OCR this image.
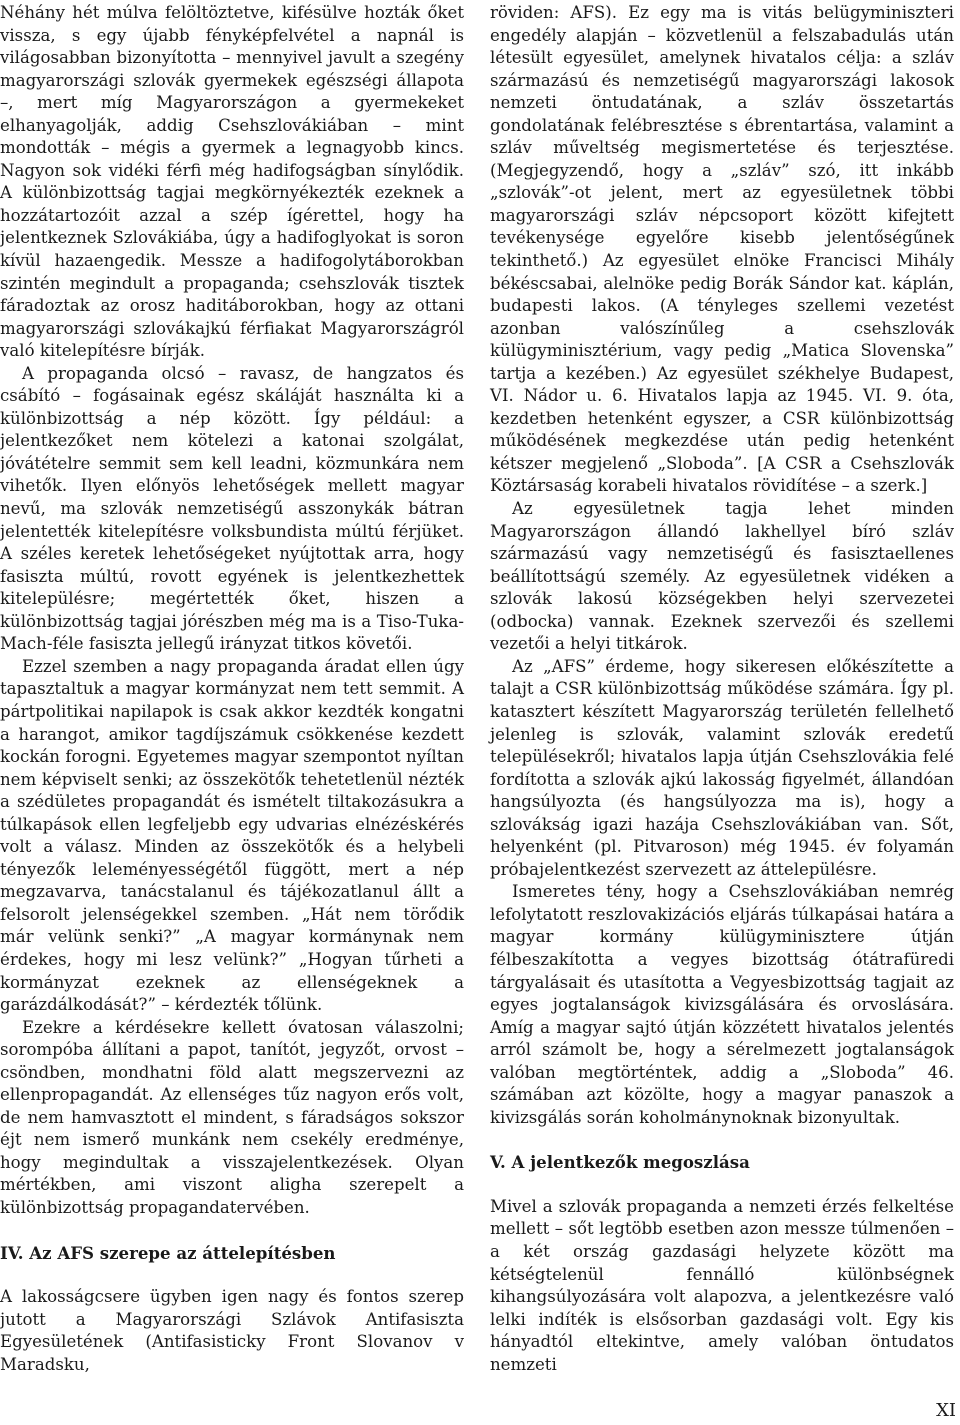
Néhány hét múlva felöltöztetve, kifésülve hozták őket vissza, s egy újabb fényképfelvétel a napnál is világosabban bizonyította – mennyivel javult a szegény magyarországi szlovák gyermekek egészségi állapota –, mert míg Magyarországon a gyermekeket elhanyagolják, addig Csehszlovákiában – mint mondották – mégis a gyermek a legnagyobb kincs. Nagyon sok vidéki férfi még hadifogságban sínylődik. A különbizottság tagjai megkörnyékezték ezeknek a hozzátartozóit azzal a szép ígérettel, hogy ha jelentkeznek Szlovákiába, úgy a hadifoglyokat is soron kívül hazaengedik. Messze a hadifogolytáborokban szintén megindult a propaganda; csehszlovák tisztek fáradoztak az orosz haditáborokban, hogy az ottani magyarországi szlovákajkú férfiakat Magyarországról való kitelepítésre bírják.

A propaganda olcsó – ravasz, de hangzatos és csábító – fogásainak egész skáláját használta ki a különbizottság a nép között. Így például: a jelentkezőket nem kötelezi a katonai szolgálat, jóvátételre semmit sem kell leadni, közmunkára nem vihetők. Ilyen előnyös lehetőségek mellett magyar nevű, ma szlovák nemzetiségű asszonykák bátran jelentették kitelepítésre volksbundista múltú férjüket. A széles keretek lehetőségeket nyújtottak arra, hogy fasiszta múltú, rovott egyének is jelentkezhettek kitelepülésre; megértették őket, hiszen a különbizottság tagjai jórészben még ma is a Tiso-Tuka-Mach-féle fasiszta jellegű irányzat titkos követői.

Ezzel szemben a nagy propaganda áradat ellen úgy tapasztaltuk a magyar kormányzat nem tett semmit. A pártpolitikai napilapok is csak akkor kezdték kongatni a harangot, amikor tagdíjszámuk csökkenése kezdett kockán forogni. Egyetemes magyar szempontot nyíltan nem képviselt senki; az összekötők tehetetlenül nézték a szédületes propagandát és ismételt tiltakozásukra a túlkapások ellen legfeljebb egy udvarias elnézéskérés volt a válasz. Minden az összekötők és a helybeli tényezők leleményességétől függött, mert a nép megzavarva, tanácstalanul és tájékozatlanul állt a felsorolt jelenségekkel szemben. „Hát nem törődik már velünk senki?” „A magyar kormánynak nem érdekes, hogy mi lesz velünk?” „Hogyan tűrheti a kormányzat ezeknek az ellenségeknek a garázdálkodását?” – kérdezték tőlünk.

Ezekre a kérdésekre kellett óvatosan válaszolni; sorompóba állítani a papot, tanítót, jegyzőt, orvost – csöndben, mondhatni föld alatt megszervezni az ellenpropagandát. Az ellenséges tűz nagyon erős volt, de nem hamvasztott el mindent, s fáradságos sokszor éjt nem ismerő munkánk nem csekély eredménye, hogy megindultak a visszajelentkezések. Olyan mértékben, ami viszont aligha szerepelt a különbizottság propagandatervében.

IV. Az AFS szerepe az áttelepítésben

A lakosságcsere ügyben igen nagy és fontos szerep jutott a Magyarországi Szlávok Antifasiszta Egyesületének (Antifasisticky Front Slovanov v Maradsku,

röviden: AFS). Ez egy ma is vitás belügyminiszteri engedély alapján – közvetlenül a felszabadulás után létesült egyesület, amelynek hivatalos célja: a szláv származású és nemzetiségű magyarországi lakosok nemzeti öntudatának, a szláv összetartás gondolatának felébresztése s ébrentartása, valamint a szláv műveltség megismertetése és terjesztése. (Megjegyzendő, hogy a „szláv” szó, itt inkább „szlovák”-ot jelent, mert az egyesületnek többi magyarországi szláv népcsoport között kifejtett tevékenysége egyelőre kisebb jelentőségűnek tekinthető.) Az egyesület elnöke Francisci Mihály békéscsabai, alelnöke pedig Borák Sándor kat. káplán, budapesti lakos. (A tényleges szellemi vezetést azonban valószínűleg a csehszlovák külügyminisztérium, vagy pedig „Matica Slovenska” tartja a kezében.) Az egyesület székhelye Budapest, VI. Nádor u. 6. Hivatalos lapja az 1945. VI. 9. óta, kezdetben hetenként egyszer, a CSR különbizottság működésének megkezdése után pedig hetenként kétszer megjelenő „Sloboda”. [A CSR a Csehszlovák Köztársaság korabeli hivatalos rövidítése – a szerk.]

Az egyesületnek tagja lehet minden Magyarországon állandó lakhellyel bíró szláv származású vagy nemzetiségű és fasisztaellenes beállítottságú személy. Az egyesületnek vidéken a szlovák lakosú községekben helyi szervezetei (odbocka) vannak. Ezeknek szervezői és szellemi vezetői a helyi titkárok.

Az „AFS” érdeme, hogy sikeresen előkészítette a talajt a CSR különbizottság működése számára. Így pl. katasztert készített Magyarország területén fellelhető jelenleg is szlovák, valamint szlovák eredetű településekről; hivatalos lapja útján Csehszlovákia felé fordította a szlovák ajkú lakosság figyelmét, állandóan hangsúlyozta (és hangsúlyozza ma is), hogy a szlovákság igazi hazája Csehszlovákiában van. Sőt, helyenként (pl. Pitvaroson) még 1945. év folyamán próbajelentkezést szervezett az áttelepülésre.

Ismeretes tény, hogy a Csehszlovákiában nemrég lefolytatott reszlovakizációs eljárás túlkapásai határa a magyar kormány külügyminisztere útján félbeszakította a vegyes bizottság ótátrafüredi tárgyalásait és utasította a Vegyesbizottság tagjait az egyes jogtalanságok kivizsgálására és orvoslására. Amíg a magyar sajtó útján közzétett hivatalos jelentés arról számolt be, hogy a sérelmezett jogtalanságok valóban megtörténtek, addig a „Sloboda” 46. számában azt közölte, hogy a magyar panaszok a kivizsgálás során koholmánynoknak bizonyultak.

V. A jelentkezők megoszlása

Mivel a szlovák propaganda a nemzeti érzés felkeltése mellett – sőt legtöbb esetben azon messze túlmenően – a két ország gazdasági helyzete között ma kétségtelenül fennálló különbségnek kihangsúlyozására volt alapozva, a jelentkezésre való lelki indíték is elsősorban gazdasági volt. Egy kis hányadtól eltekintve, amely valóban öntudatos nemzeti

XI
